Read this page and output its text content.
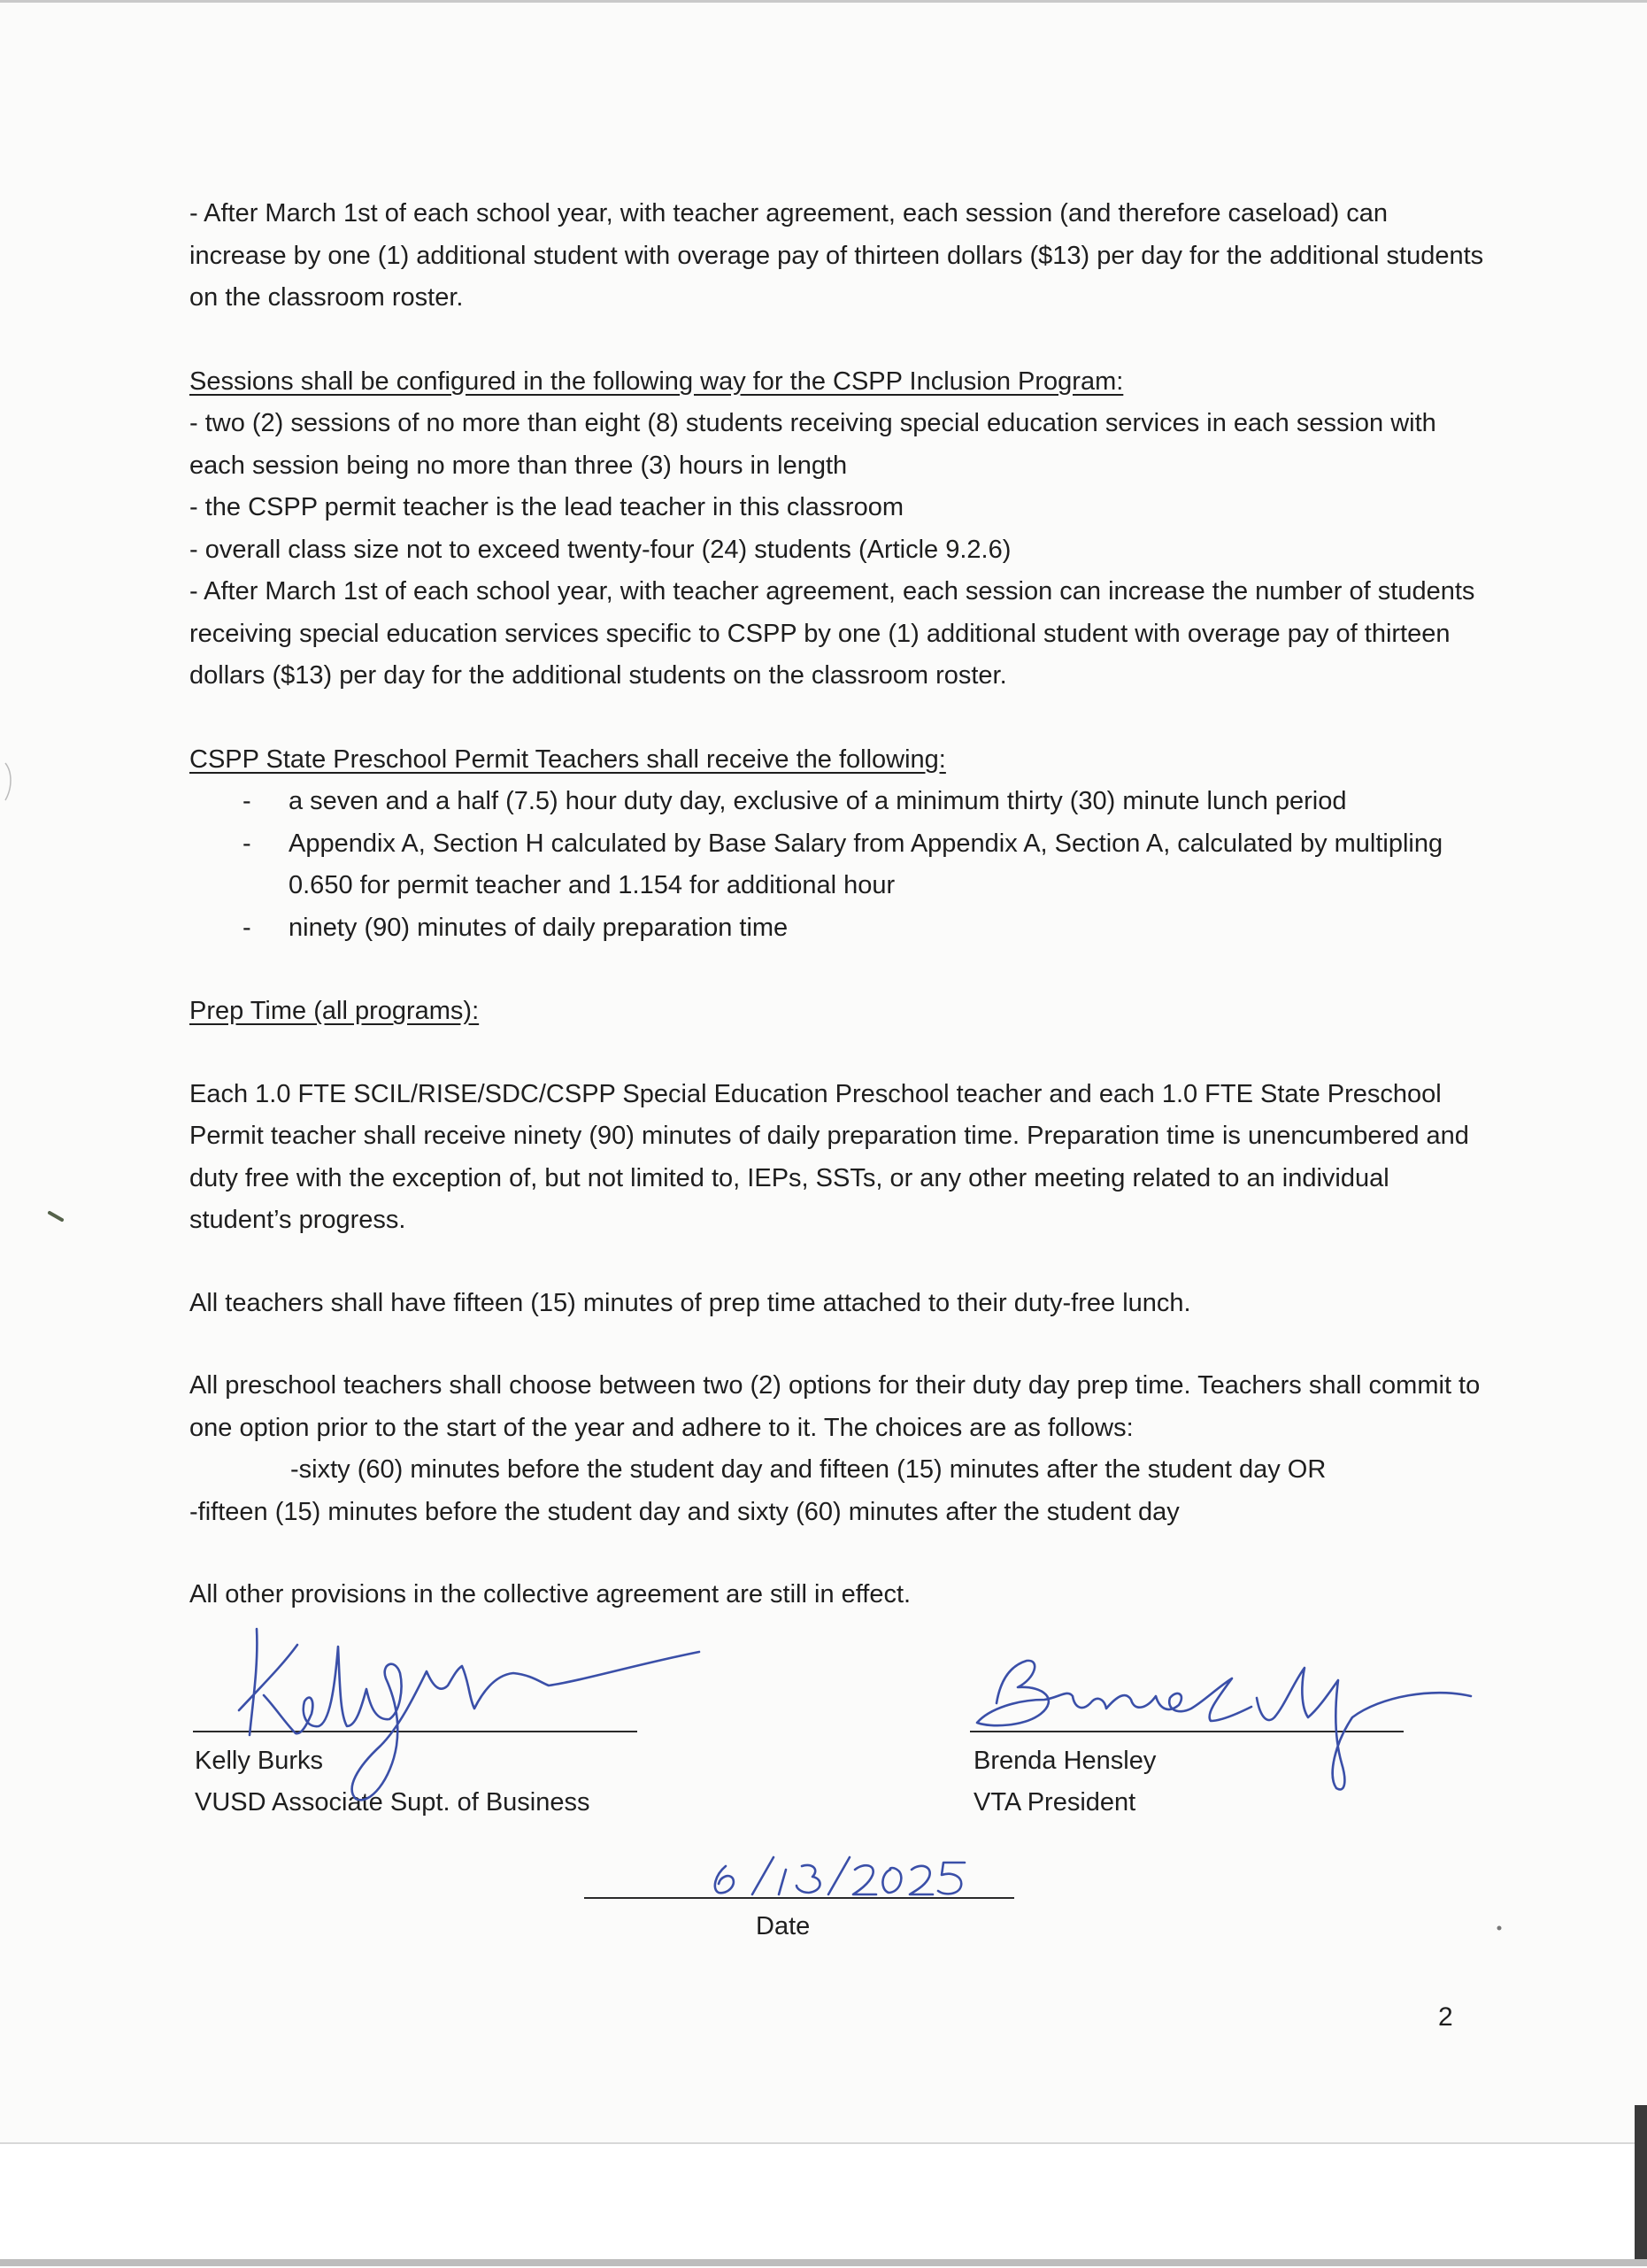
- After March 1st of each school year, with teacher agreement, each session (and therefore caseload) can increase by one (1) additional student with overage pay of thirteen dollars ($13) per day for the additional students on the classroom roster.

Sessions shall be configured in the following way for the CSPP Inclusion Program:

- two (2) sessions of no more than eight (8) students receiving special education services in each session with each session being no more than three (3) hours in length

- the CSPP permit teacher is the lead teacher in this classroom

- overall class size not to exceed twenty-four (24) students (Article 9.2.6)

- After March 1st of each school year, with teacher agreement, each session can increase the number of students receiving special education services specific to CSPP by one (1) additional student with overage pay of thirteen dollars ($13) per day for the additional students on the classroom roster.

CSPP State Preschool Permit Teachers shall receive the following:

- a seven and a half (7.5) hour duty day, exclusive of a minimum thirty (30) minute lunch period
- Appendix A, Section H calculated by Base Salary from Appendix A, Section A, calculated by multipling 0.650 for permit teacher and 1.154 for additional hour
- ninety (90) minutes of daily preparation time

Prep Time (all programs):

Each 1.0 FTE SCIL/RISE/SDC/CSPP Special Education Preschool teacher and each 1.0 FTE State Preschool Permit teacher shall receive ninety (90) minutes of daily preparation time. Preparation time is unencumbered and duty free with the exception of, but not limited to, IEPs, SSTs, or any other meeting related to an individual student’s progress.

All teachers shall have fifteen (15) minutes of prep time attached to their duty-free lunch.

All preschool teachers shall choose between two (2) options for their duty day prep time. Teachers shall commit to one option prior to the start of the year and adhere to it. The choices are as follows:

-sixty (60) minutes before the student day and fifteen (15) minutes after the student day OR

-fifteen (15) minutes before the student day and sixty (60) minutes after the student day

All other provisions in the collective agreement are still in effect.

Kelly Burks
VUSD Associate Supt. of Business
Brenda Hensley
VTA President
Date
2
